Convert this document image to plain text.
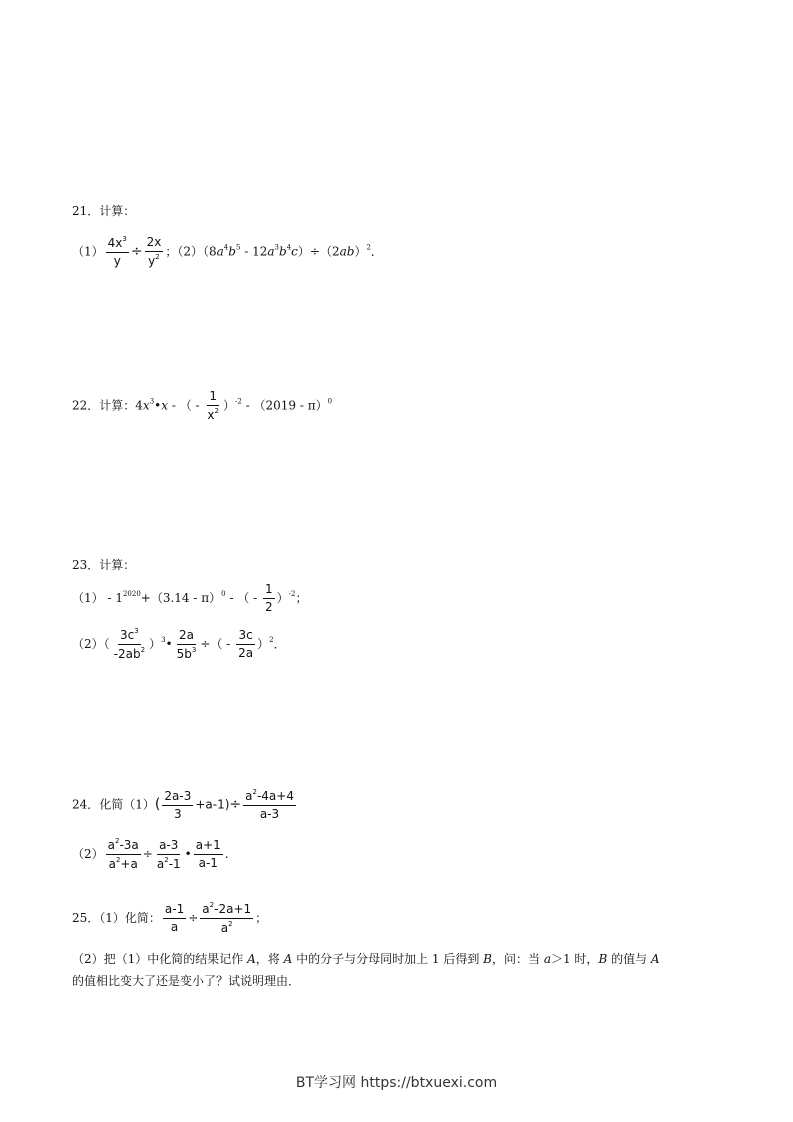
21．计算：
$(1) \frac{4x^3}{y} \div \frac{2x}{y^2}$ ；$(2)(8a^4b^5 - 12a^3b^4c)\div(2ab)^2$．
22．计算：$4x^3•x$ - （ - $\frac{1}{x^2} )^{-2} - (2019 - \pi)^0$
23．计算：
$(1) - 1^{2020}+(3.14 - \pi)^0$ - （ - $\frac{1}{2} )^{-2}$；
$(2)( \frac{3c^3}{-2ab^2}$ ）$^3• \frac{2a}{5b^3}$ ÷（ - $\frac{3c}{2a} )^2$．
24．化简$(1)( \frac{2a-3}{3} +a-1)\div \frac{a^2-4a+4}{a-3}$
$(2) \frac{a^2-3a}{a^2+a} \div \frac{a-3}{a^2-1}$ • $\frac{a+1}{a-1}$ .
25．（1）化简： $\frac{a-1}{a} \div \frac{a^2-2a+1}{a^2}$ ；
（2）把（1）中化简的结果记作 A，将 A 中的分子与分母同时加上 1 后得到 B，问：当 a＞1 时，B 的值与 A
的值相比变大了还是变小了？试说明理由．
BT学习网 https://btxuexi.com
